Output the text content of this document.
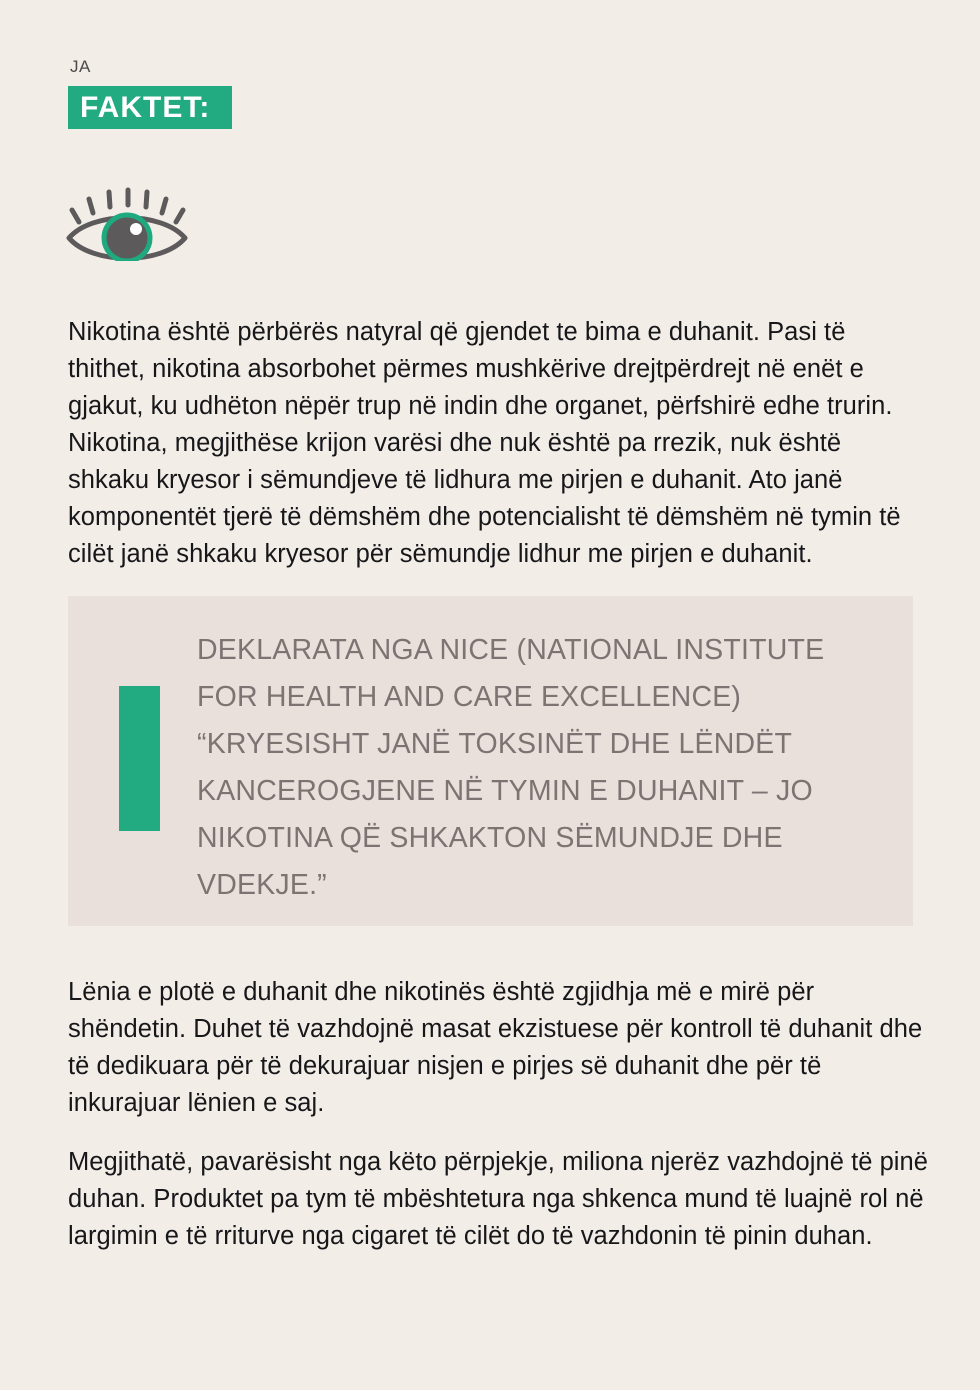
JA
FAKTET:

Nikotina është përbërës natyral që gjendet te bima e duhanit. Pasi të thithet, nikotina absorbohet përmes mushkërive drejtpërdrejt në enët e gjakut, ku udhëton nëpër trup në indin dhe organet, përfshirë edhe trurin. Nikotina, megjithëse krijon varësi dhe nuk është pa rrezik, nuk është shkaku kryesor i sëmundjeve të lidhura me pirjen e duhanit. Ato janë komponentët tjerë të dëmshëm dhe potencialisht të dëmshëm në tymin të cilët janë shkaku kryesor për sëmundje lidhur me pirjen e duhanit.

DEKLARATA NGA NICE (NATIONAL INSTITUTE FOR HEALTH AND CARE EXCELLENCE) “KRYESISHT JANË TOKSINËT DHE LËNDËT KANCEROGJENE NË TYMIN E DUHANIT – JO NIKOTINA QË SHKAKTON SËMUNDJE DHE VDEKJE.”

Lënia e plotë e duhanit dhe nikotinës është zgjidhja më e mirë për shëndetin. Duhet të vazhdojnë masat ekzistuese për kontroll të duhanit dhe të dedikuara për të dekurajuar nisjen e pirjes së duhanit dhe për të inkurajuar lënien e saj.

Megjithatë, pavarësisht nga këto përpjekje, miliona njerëz vazhdojnë të pinë duhan. Produktet pa tym të mbështetura nga shkenca mund të luajnë rol në largimin e të rriturve nga cigaret të cilët do të vazhdonin të pinin duhan.
